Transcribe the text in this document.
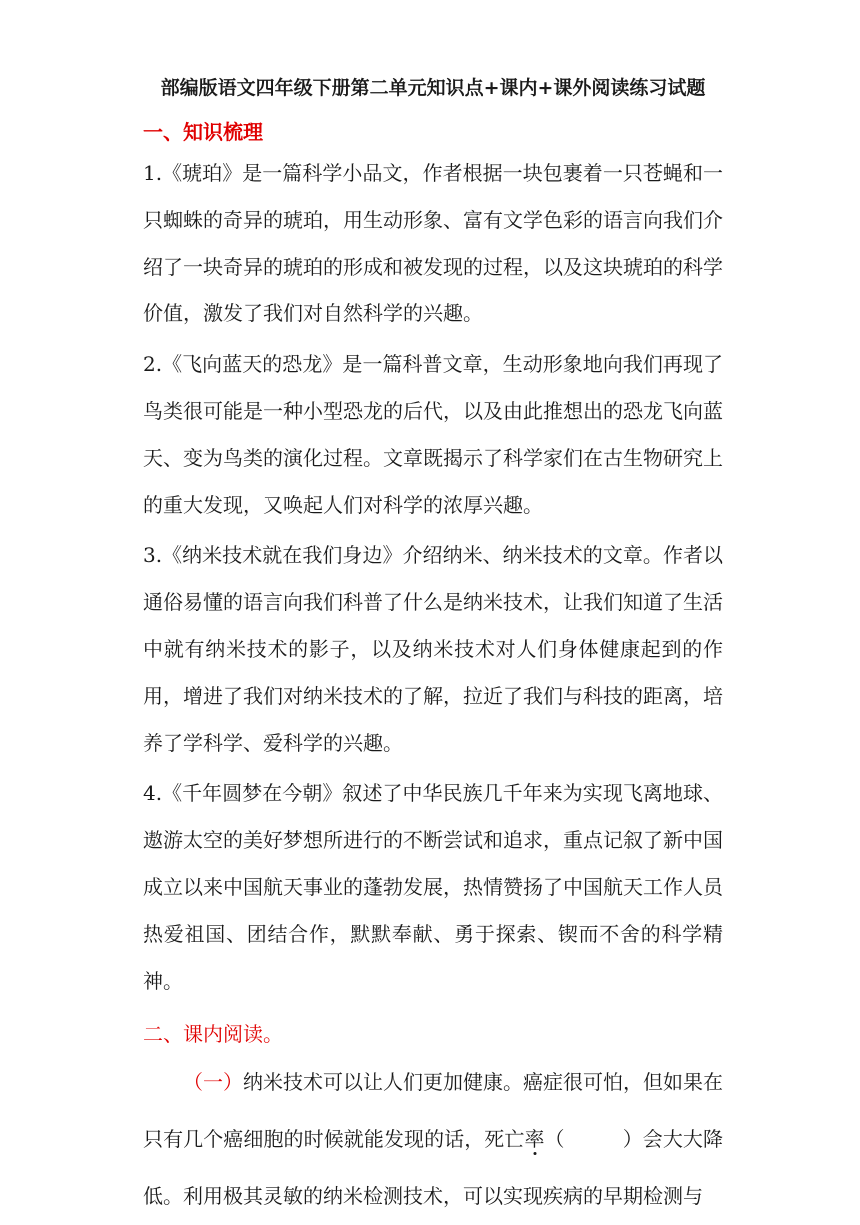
部编版语文四年级下册第二单元知识点+课内+课外阅读练习试题
一、知识梳理
1.《琥珀》是一篇科学小品文，作者根据一块包裹着一只苍蝇和一只蜘蛛的奇异的琥珀，用生动形象、富有文学色彩的语言向我们介绍了一块奇异的琥珀的形成和被发现的过程，以及这块琥珀的科学价值，激发了我们对自然科学的兴趣。
2.《飞向蓝天的恐龙》是一篇科普文章，生动形象地向我们再现了鸟类很可能是一种小型恐龙的后代，以及由此推想出的恐龙飞向蓝天、变为鸟类的演化过程。文章既揭示了科学家们在古生物研究上的重大发现，又唤起人们对科学的浓厚兴趣。
3.《纳米技术就在我们身边》介绍纳米、纳米技术的文章。作者以通俗易懂的语言向我们科普了什么是纳米技术，让我们知道了生活中就有纳米技术的影子，以及纳米技术对人们身体健康起到的作用，增进了我们对纳米技术的了解，拉近了我们与科技的距离，培养了学科学、爱科学的兴趣。
4.《千年圆梦在今朝》叙述了中华民族几千年来为实现飞离地球、遨游太空的美好梦想所进行的不断尝试和追求，重点记叙了新中国成立以来中国航天事业的蓬勃发展，热情赞扬了中国航天工作人员热爱祖国、团结合作，默默奉献、勇于探索、锲而不舍的科学精神。
二、课内阅读。
（一）纳米技术可以让人们更加健康。癌症很可怕，但如果在只有几个癌细胞的时候就能发现的话，死亡率（	）会大大降低。利用极其灵敏的纳米检测技术，可以实现疾病的早期检测与
